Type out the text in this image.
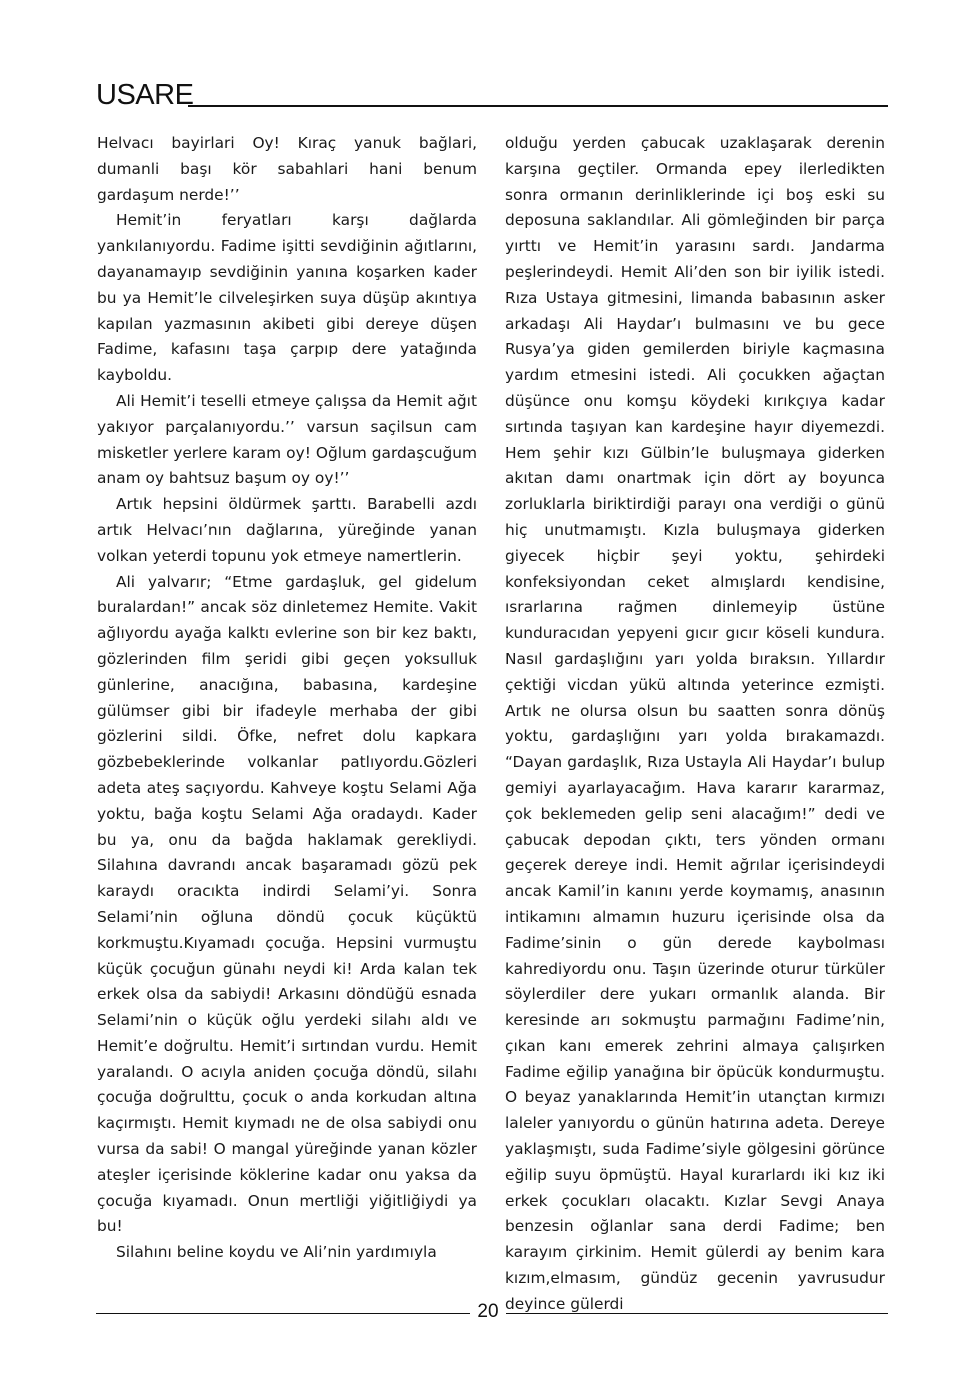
USARE

Helvacı bayirlari Oy! Kıraç yanuk bağlari, dumanli başı kör sabahlari hani benum gardaşum nerde!’’

Hemit’in feryatları karşı dağlarda yankılanıyordu. Fadime işitti sevdiğinin ağıtlarını, dayanamayıp sevdiğinin yanına koşarken kader bu ya Hemit’le cilveleşirken suya düşüp akıntıya kapılan yazmasının akibeti gibi dereye düşen Fadime, kafasını taşa çarpıp dere yatağında kayboldu.

Ali Hemit’i teselli etmeye çalışsa da Hemit ağıt yakıyor parçalanıyordu.’’ varsun saçilsun cam misketler yerlere karam oy! Oğlum gardaşcuğum anam oy bahtsuz başum oy oy!’’

Artık hepsini öldürmek şarttı. Barabelli azdı artık Helvacı’nın dağlarına, yüreğinde yanan volkan yeterdi topunu yok etmeye namertlerin.

Ali yalvarır; “Etme gardaşluk, gel gidelum buralardan!” ancak söz dinletemez Hemite. Vakit ağlıyordu ayağa kalktı evlerine son bir kez baktı, gözlerinden film şeridi gibi geçen yoksulluk günlerine, anacığına, babasına, kardeşine gülümser gibi bir ifadeyle merhaba der gibi gözlerini sildi. Öfke, nefret dolu kapkara gözbebeklerinde volkanlar patlıyordu.Gözleri adeta ateş saçıyordu. Kahveye koştu Selami Ağa yoktu, bağa koştu Selami Ağa oradaydı. Kader bu ya, onu da bağda haklamak gerekliydi. Silahına davrandı ancak başaramadı gözü pek karaydı oracıkta indirdi Selami’yi. Sonra Selami’nin oğluna döndü çocuk küçüktü korkmuştu.Kıyamadı çocuğa. Hepsini vurmuştu küçük çocuğun günahı neydi ki! Arda kalan tek erkek olsa da sabiydi! Arkasını döndüğü esnada Selami’nin o küçük oğlu yerdeki silahı aldı ve Hemit’e doğrultu. Hemit’i sırtından vurdu. Hemit yaralandı. O acıyla aniden çocuğa döndü, silahı çocuğa doğrulttu, çocuk o anda korkudan altına kaçırmıştı. Hemit kıymadı ne de olsa sabiydi onu vursa da sabi! O mangal yüreğinde yanan közler ateşler içerisinde köklerine kadar onu yaksa da çocuğa kıyamadı. Onun mertliği yiğitliğiydi ya bu!

Silahını beline koydu ve Ali’nin yardımıyla

olduğu yerden çabucak uzaklaşarak derenin karşına geçtiler. Ormanda epey ilerledikten sonra ormanın derinliklerinde içi boş eski su deposuna saklandılar. Ali gömleğinden bir parça yırttı ve Hemit’in yarasını sardı. Jandarma peşlerindeydi. Hemit Ali’den son bir iyilik istedi. Rıza Ustaya gitmesini, limanda babasının asker arkadaşı Ali Haydar’ı bulmasını ve bu gece Rusya’ya giden gemilerden biriyle kaçmasına yardım etmesini istedi. Ali çocukken ağaçtan düşünce onu komşu köydeki kırıkçıya kadar sırtında taşıyan kan kardeşine hayır diyemezdi. Hem şehir kızı Gülbin’le buluşmaya giderken akıtan damı onartmak için dört ay boyunca zorluklarla biriktirdiği parayı ona verdiği o günü hiç unutmamıştı. Kızla buluşmaya giderken giyecek hiçbir şeyi yoktu, şehirdeki konfeksiyondan ceket almışlardı kendisine, ısrarlarına rağmen dinlemeyip üstüne kunduracıdan yepyeni gıcır gıcır köseli kundura. Nasıl gardaşlığını yarı yolda bıraksın. Yıllardır çektiği vicdan yükü altında yeterince ezmişti. Artık ne olursa olsun bu saatten sonra dönüş yoktu, gardaşlığını yarı yolda bırakamazdı. “Dayan gardaşlık, Rıza Ustayla Ali Haydar’ı bulup gemiyi ayarlayacağım. Hava kararır kararmaz, çok beklemeden gelip seni alacağım!” dedi ve çabucak depodan çıktı, ters yönden ormanı geçerek dereye indi. Hemit ağrılar içerisindeydi ancak Kamil’in kanını yerde koymamış, anasının intikamını almamın huzuru içerisinde olsa da Fadime’sinin o gün derede kaybolması kahrediyordu onu. Taşın üzerinde oturur türküler söylerdiler dere yukarı ormanlık alanda. Bir keresinde arı sokmuştu parmağını Fadime’nin, çıkan kanı emerek zehrini almaya çalışırken Fadime eğilip yanağına bir öpücük kondurmuştu. O beyaz yanaklarında Hemit’in utançtan kırmızı laleler yanıyordu o günün hatırına adeta. Dereye yaklaşmıştı, suda Fadime’siyle gölgesini görünce eğilip suyu öpmüştü. Hayal kurarlardı iki kız iki erkek çocukları olacaktı. Kızlar Sevgi Anaya benzesin oğlanlar sana derdi Fadime; ben karayım çirkinim. Hemit gülerdi ay benim kara kızım,elmasım, gündüz gecenin yavrusudur deyince gülerdi

20
